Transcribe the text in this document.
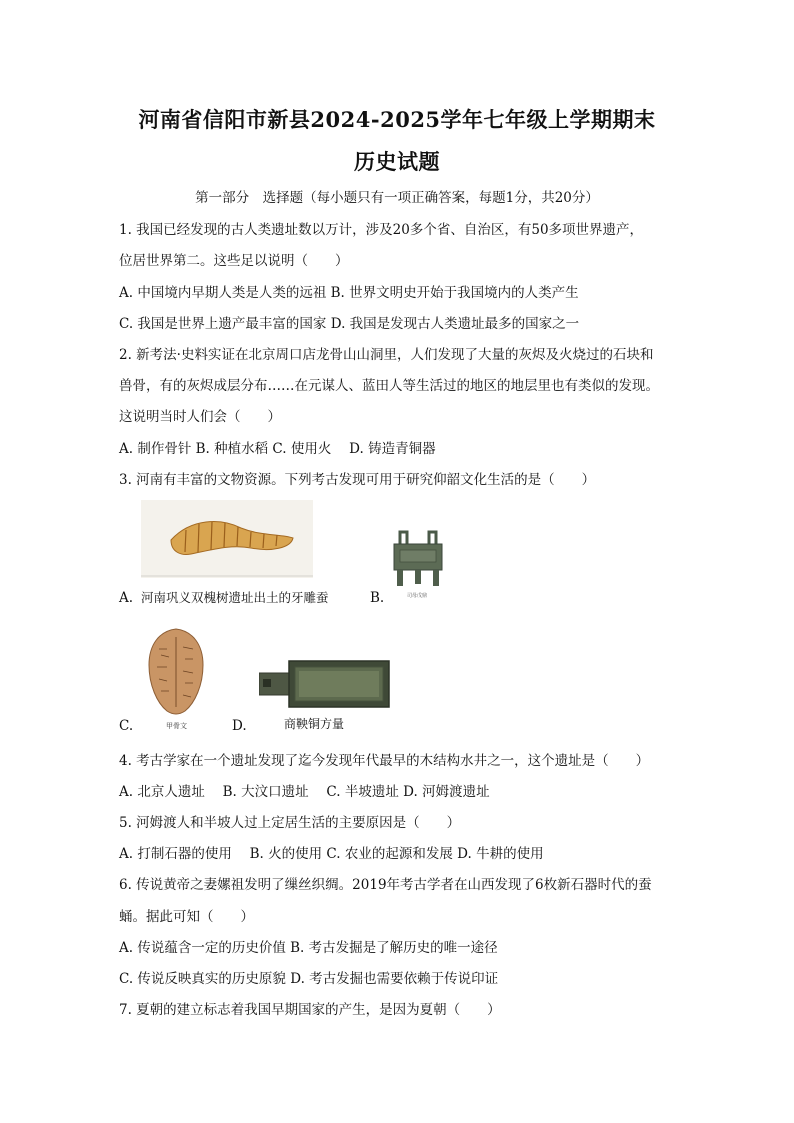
河南省信阳市新县2024-2025学年七年级上学期期末
历史试题
第一部分　选择题（每小题只有一项正确答案，每题1分，共20分）
1. 我国已经发现的古人类遗址数以万计，涉及20多个省、自治区，有50多项世界遗产，
位居世界第二。这些足以说明（　　）
A. 中国境内早期人类是人类的远祖 B. 世界文明史开始于我国境内的人类产生
C. 我国是世界上遗产最丰富的国家 D. 我国是发现古人类遗址最多的国家之一
2. 新考法·史料实证在北京周口店龙骨山山洞里，人们发现了大量的灰烬及火烧过的石块和
兽骨，有的灰烬成层分布……在元谋人、蓝田人等生活过的地区的地层里也有类似的发现。
这说明当时人们会（　　）
A. 制作骨针 B. 种植水稻 C. 使用火　 D. 铸造青铜器
3. 河南有丰富的文物资源。下列考古发现可用于研究仰韶文化生活的是（　　）
A. 河南巩义双槐树遗址出土的牙雕蚕	B.	司母戊鼎
C.	甲骨文	D.	商鞅铜方量
4. 考古学家在一个遗址发现了迄今发现年代最早的木结构水井之一，这个遗址是（　　）
A. 北京人遗址　 B. 大汶口遗址　 C. 半坡遗址 D. 河姆渡遗址
5. 河姆渡人和半坡人过上定居生活的主要原因是（　　）
A. 打制石器的使用　 B. 火的使用 C. 农业的起源和发展 D. 牛耕的使用
6. 传说黄帝之妻嫘祖发明了缫丝织绸。2019年考古学者在山西发现了6枚新石器时代的蚕
蛹。据此可知（　　）
A. 传说蕴含一定的历史价值 B. 考古发掘是了解历史的唯一途径
C. 传说反映真实的历史原貌 D. 考古发掘也需要依赖于传说印证
7. 夏朝的建立标志着我国早期国家的产生，是因为夏朝（　　）
